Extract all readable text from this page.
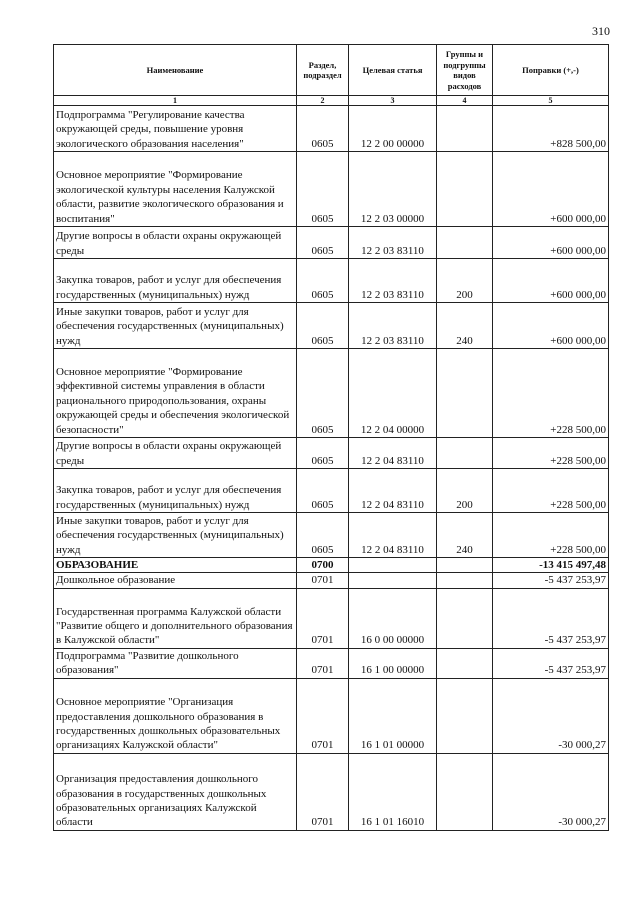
310
Наименование	Раздел, подраздел	Целевая статья	Группы и подгруппы видов расходов	Поправки (+,-)
1	2	3	4	5
Подпрограмма "Регулирование качества окружающей среды, повышение уровня экологического образования населения"	0605	12 2 00 00000		+828 500,00
Основное мероприятие "Формирование экологической культуры населения Калужской области, развитие экологического образования и воспитания"	0605	12 2 03 00000		+600 000,00
Другие вопросы в области охраны окружающей среды	0605	12 2 03 83110		+600 000,00
Закупка товаров, работ и услуг для обеспечения государственных (муниципальных) нужд	0605	12 2 03 83110	200	+600 000,00
Иные закупки товаров, работ и услуг для обеспечения государственных (муниципальных) нужд	0605	12 2 03 83110	240	+600 000,00
Основное мероприятие "Формирование эффективной системы управления в области рационального природопользования, охраны окружающей среды и обеспечения экологической безопасности"	0605	12 2 04 00000		+228 500,00
Другие вопросы в области охраны окружающей среды	0605	12 2 04 83110		+228 500,00
Закупка товаров, работ и услуг для обеспечения государственных (муниципальных) нужд	0605	12 2 04 83110	200	+228 500,00
Иные закупки товаров, работ и услуг для обеспечения государственных (муниципальных) нужд	0605	12 2 04 83110	240	+228 500,00
ОБРАЗОВАНИЕ	0700			-13 415 497,48
Дошкольное образование	0701			-5 437 253,97
Государственная программа Калужской области "Развитие общего и дополнительного образования в Калужской области"	0701	16 0 00 00000		-5 437 253,97
Подпрограмма "Развитие дошкольного образования"	0701	16 1 00 00000		-5 437 253,97
Основное мероприятие "Организация предоставления дошкольного образования в государственных дошкольных образовательных организациях Калужской области"	0701	16 1 01 00000		-30 000,27
Организация предоставления дошкольного образования в государственных дошкольных образовательных организациях Калужской области	0701	16 1 01 16010		-30 000,27
